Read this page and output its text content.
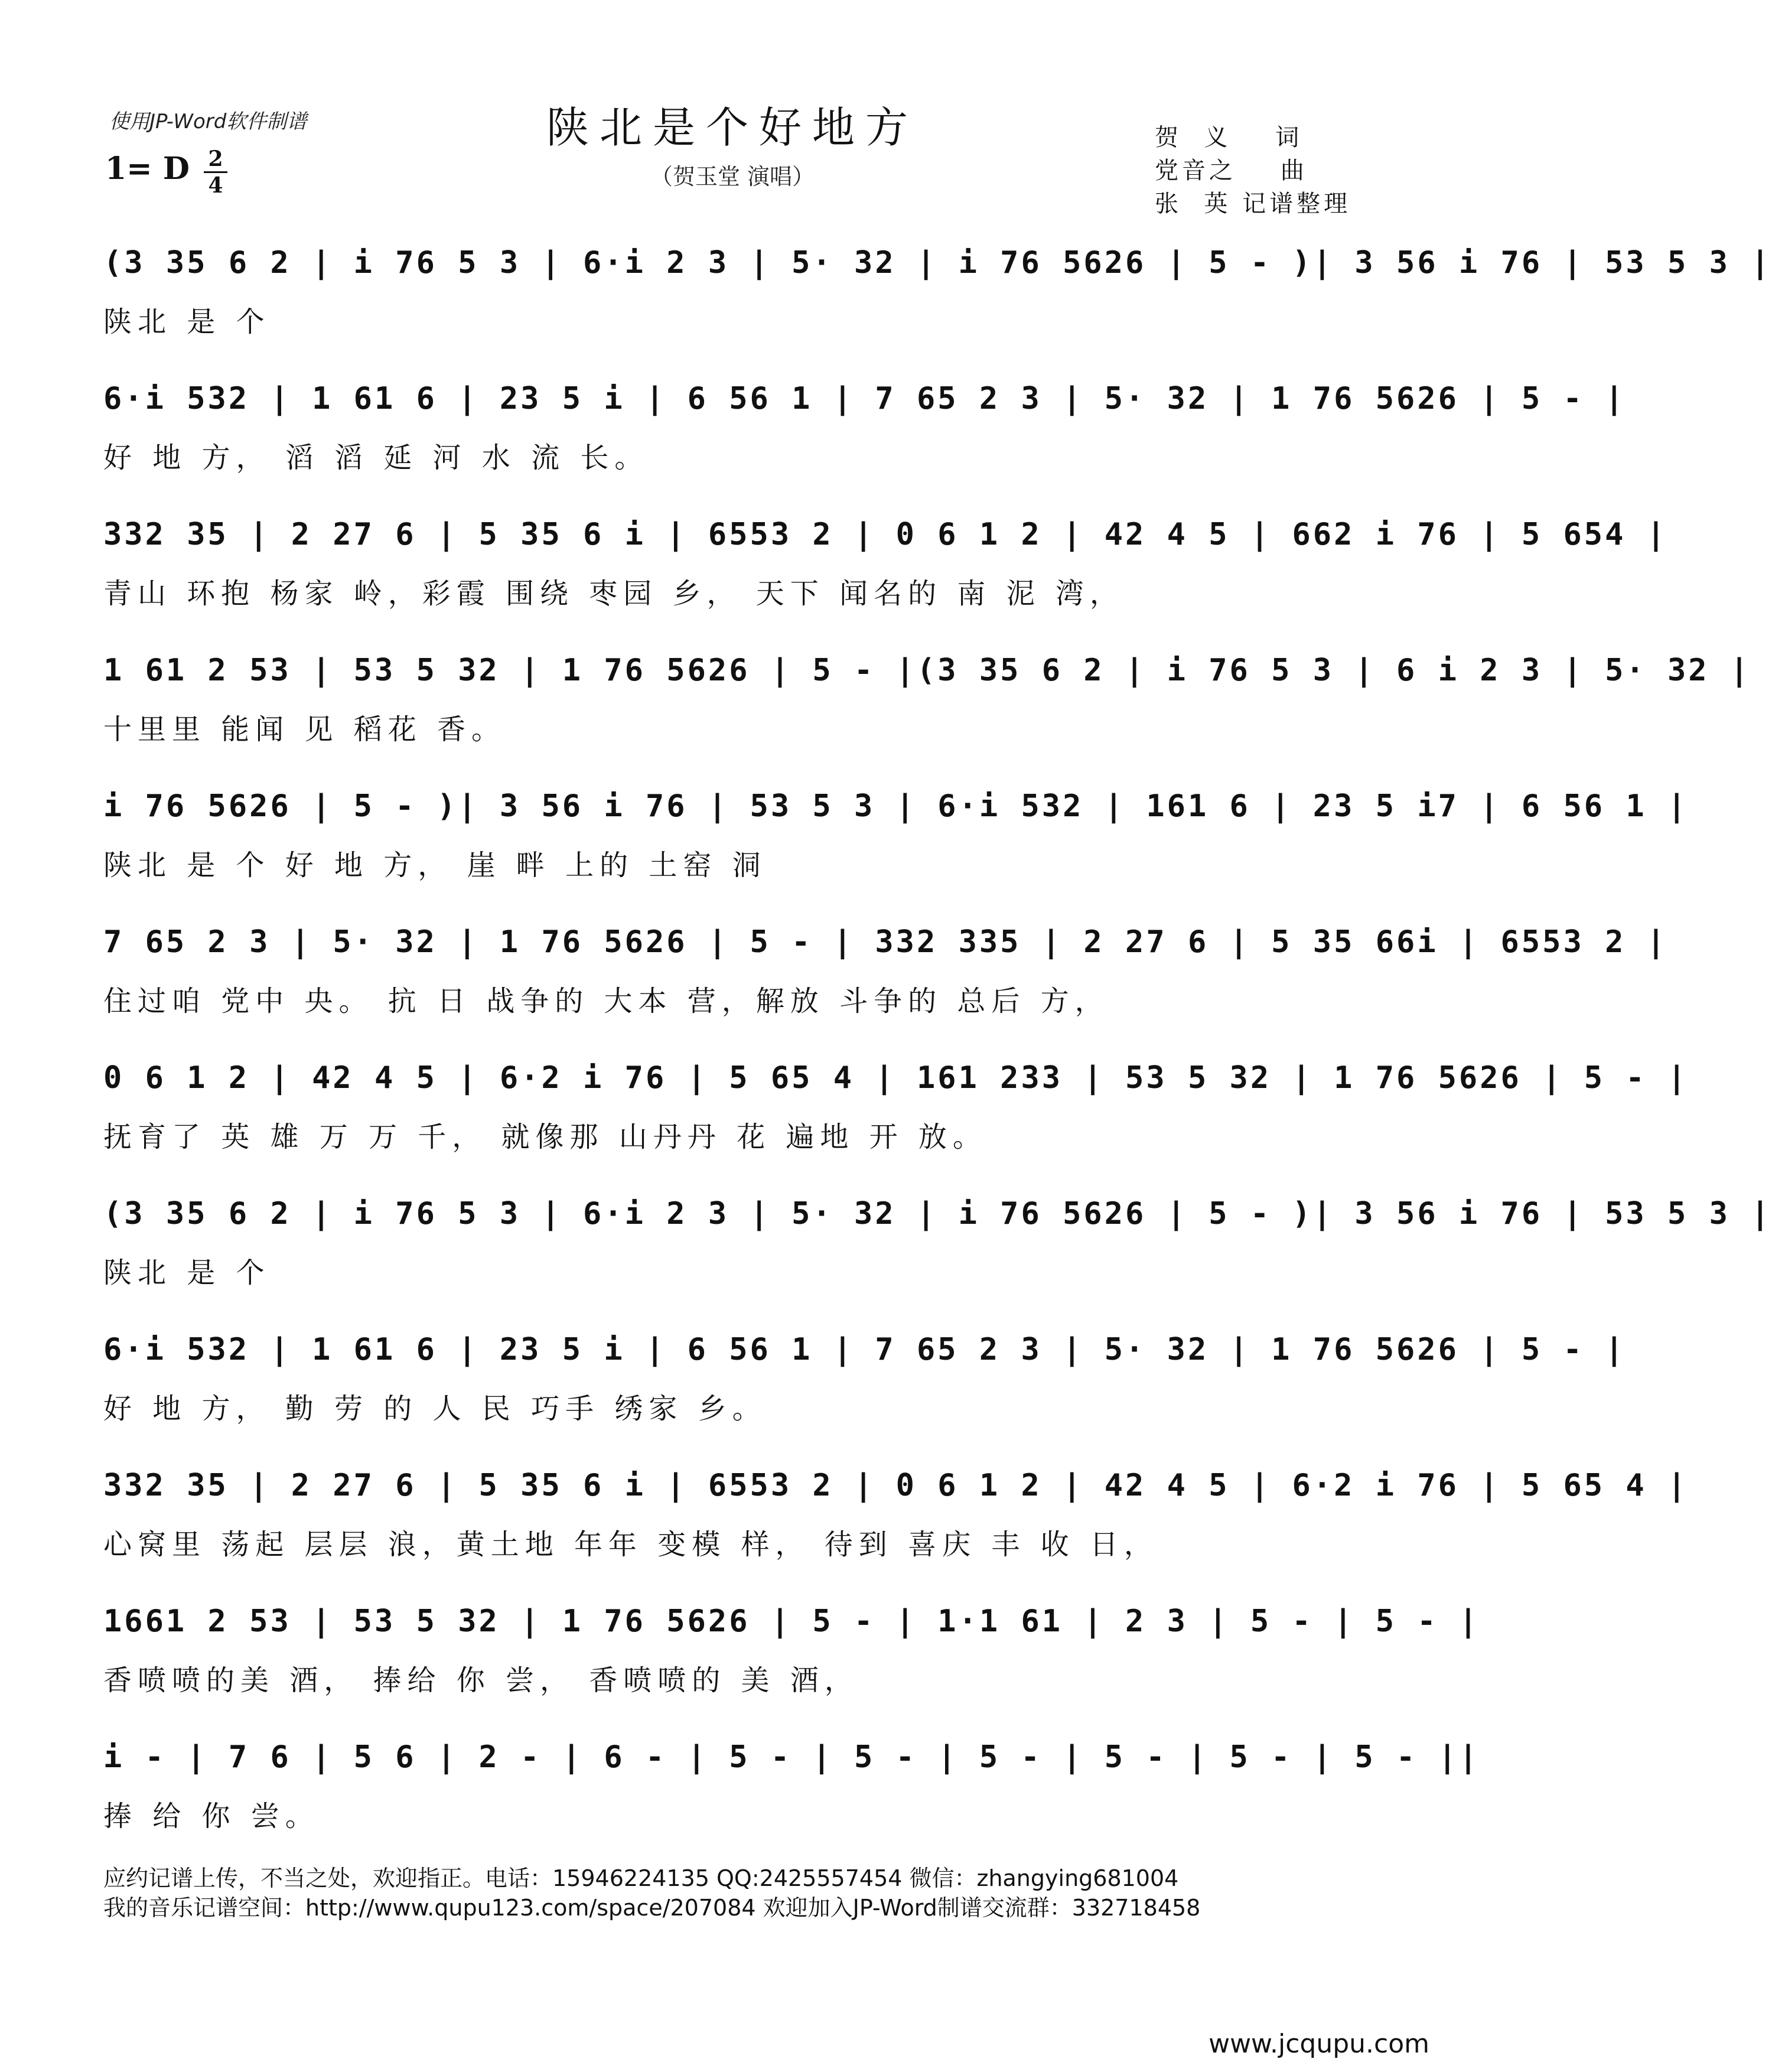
使用JP-Word软件制谱
1= D 2
4
陕北是个好地方
（贺玉堂 演唱）
贺  义    词
党音之    曲
张  英 记谱整理
(3 35 6 2 | i 76 5 3 | 6·i 2 3 | 5· 32 | i 76 5626 | 5 - )| 3 56 i 76 | 53 5 3 |
陕北 是 个
6·i 532 | 1 61 6 | 23 5 i | 6 56 1 | 7 65 2 3 | 5· 32 | 1 76 5626 | 5 - |
好 地 方， 滔 滔 延 河 水 流 长。
332 35 | 2 27 6 | 5 35 6 i | 6553 2 | 0 6 1 2 | 42 4 5 | 662 i 76 | 5 654 |
青山 环抱 杨家 岭，彩霞 围绕 枣园 乡， 天下 闻名的 南 泥 湾，
1 61 2 53 | 53 5 32 | 1 76 5626 | 5 - |(3 35 6 2 | i 76 5 3 | 6 i 2 3 | 5· 32 |
十里里 能闻 见 稻花 香。
i 76 5626 | 5 - )| 3 56 i 76 | 53 5 3 | 6·i 532 | 161 6 | 23 5 i7 | 6 56 1 |
陕北 是 个 好 地 方， 崖 畔 上的 土窑 洞
7 65 2 3 | 5· 32 | 1 76 5626 | 5 - | 332 335 | 2 27 6 | 5 35 66i | 6553 2 |
住过咱 党中 央。 抗 日 战争的 大本 营，解放 斗争的 总后 方，
0 6 1 2 | 42 4 5 | 6·2 i 76 | 5 65 4 | 161 233 | 53 5 32 | 1 76 5626 | 5 - |
抚育了 英 雄 万 万 千， 就像那 山丹丹 花 遍地 开 放。
(3 35 6 2 | i 76 5 3 | 6·i 2 3 | 5· 32 | i 76 5626 | 5 - )| 3 56 i 76 | 53 5 3 |
陕北 是 个
6·i 532 | 1 61 6 | 23 5 i | 6 56 1 | 7 65 2 3 | 5· 32 | 1 76 5626 | 5 - |
好 地 方， 勤 劳 的 人 民 巧手 绣家 乡。
332 35 | 2 27 6 | 5 35 6 i | 6553 2 | 0 6 1 2 | 42 4 5 | 6·2 i 76 | 5 65 4 |
心窝里 荡起 层层 浪，黄土地 年年 变模 样， 待到 喜庆 丰 收 日，
1661 2 53 | 53 5 32 | 1 76 5626 | 5 - | 1·1 61 | 2 3 | 5 - | 5 - |
香喷喷的美 酒， 捧给 你 尝， 香喷喷的 美 酒，
i - | 7 6 | 5 6 | 2 - | 6 - | 5 - | 5 - | 5 - | 5 - | 5 - | 5 - ||
捧 给 你 尝。
应约记谱上传，不当之处，欢迎指正。电话：15946224135 QQ:2425557454 微信：zhangying681004
我的音乐记谱空间：http://www.qupu123.com/space/207084 欢迎加入JP-Word制谱交流群：332718458
www.jcqupu.com
